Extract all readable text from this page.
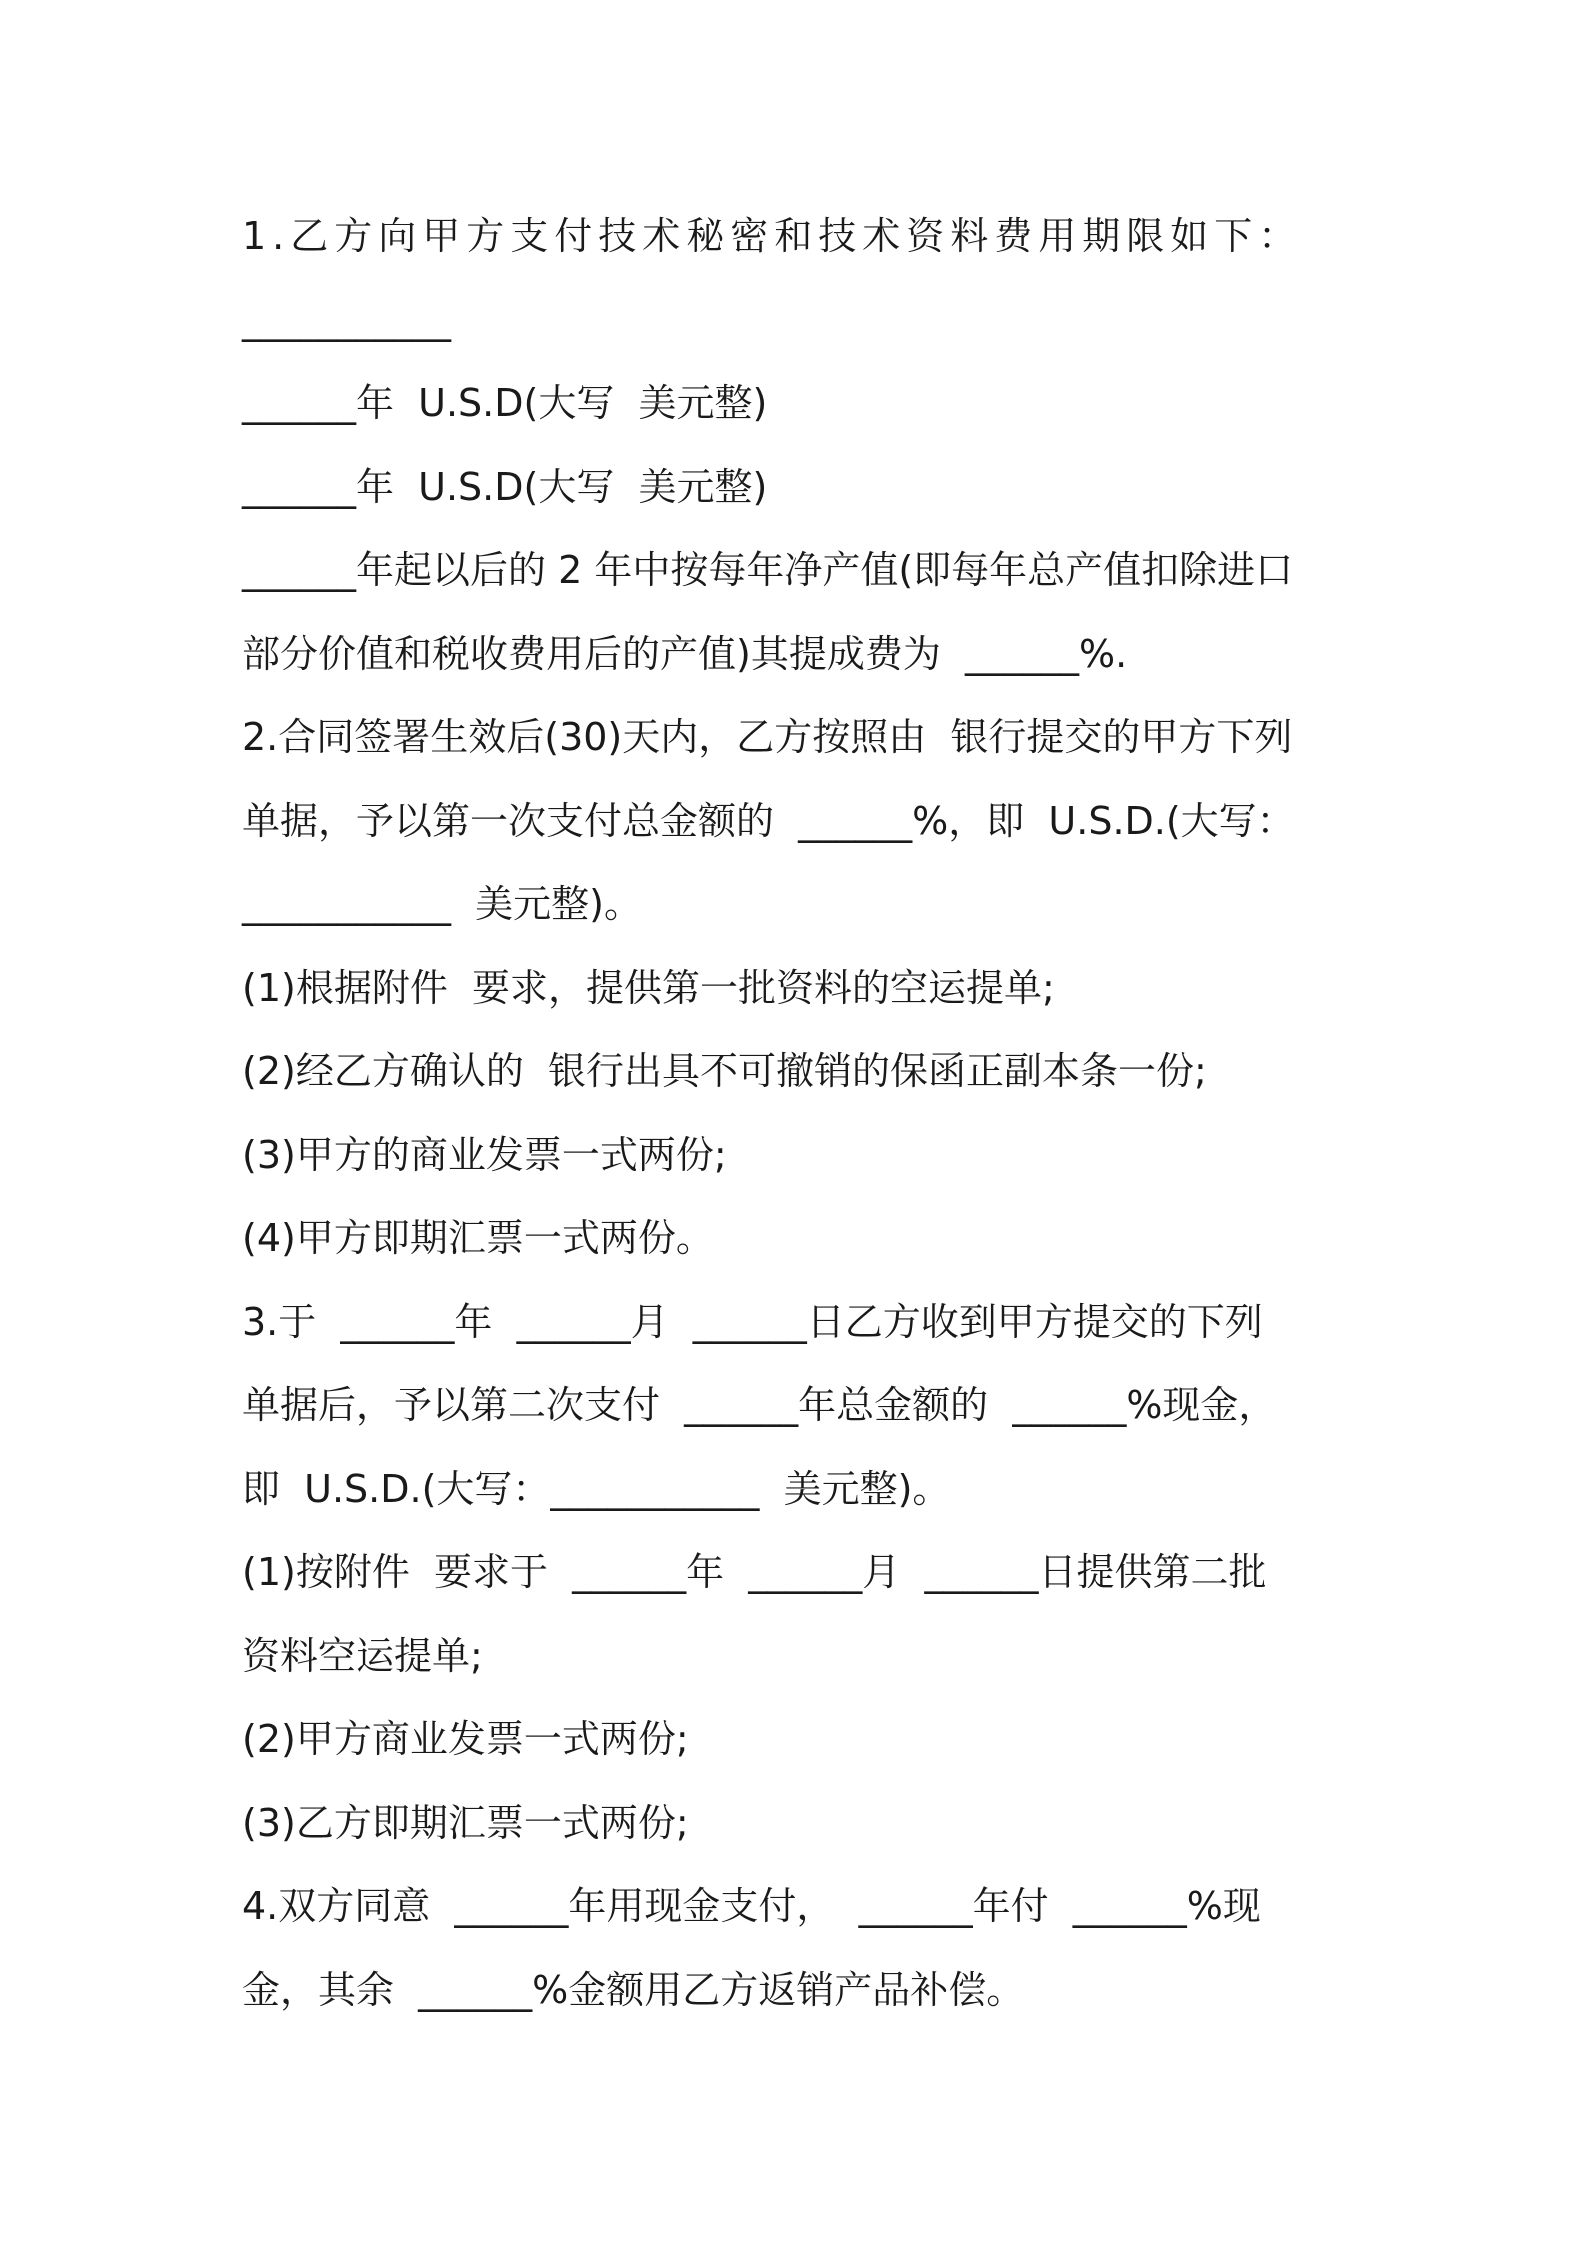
1.乙方向甲方支付技术秘密和技术资料费用期限如下：
___________
______年  U.S.D(大写  美元整)
______年  U.S.D(大写  美元整)
______年起以后的 2 年中按每年净产值(即每年总产值扣除进口
部分价值和税收费用后的产值)其提成费为  ______%.
2.合同签署生效后(30)天内，乙方按照由  银行提交的甲方下列
单据，予以第一次支付总金额的  ______%，即  U.S.D.(大写：
___________  美元整)。
(1)根据附件  要求，提供第一批资料的空运提单;
(2)经乙方确认的  银行出具不可撤销的保函正副本条一份;
(3)甲方的商业发票一式两份;
(4)甲方即期汇票一式两份。
3.于  ______年  ______月  ______日乙方收到甲方提交的下列
单据后，予以第二次支付  ______年总金额的  ______%现金，
即  U.S.D.(大写：___________  美元整)。
(1)按附件  要求于  ______年  ______月  ______日提供第二批
资料空运提单;
(2)甲方商业发票一式两份;
(3)乙方即期汇票一式两份;
4.双方同意  ______年用现金支付，  ______年付  ______%现
金，其余  ______%金额用乙方返销产品补偿。
